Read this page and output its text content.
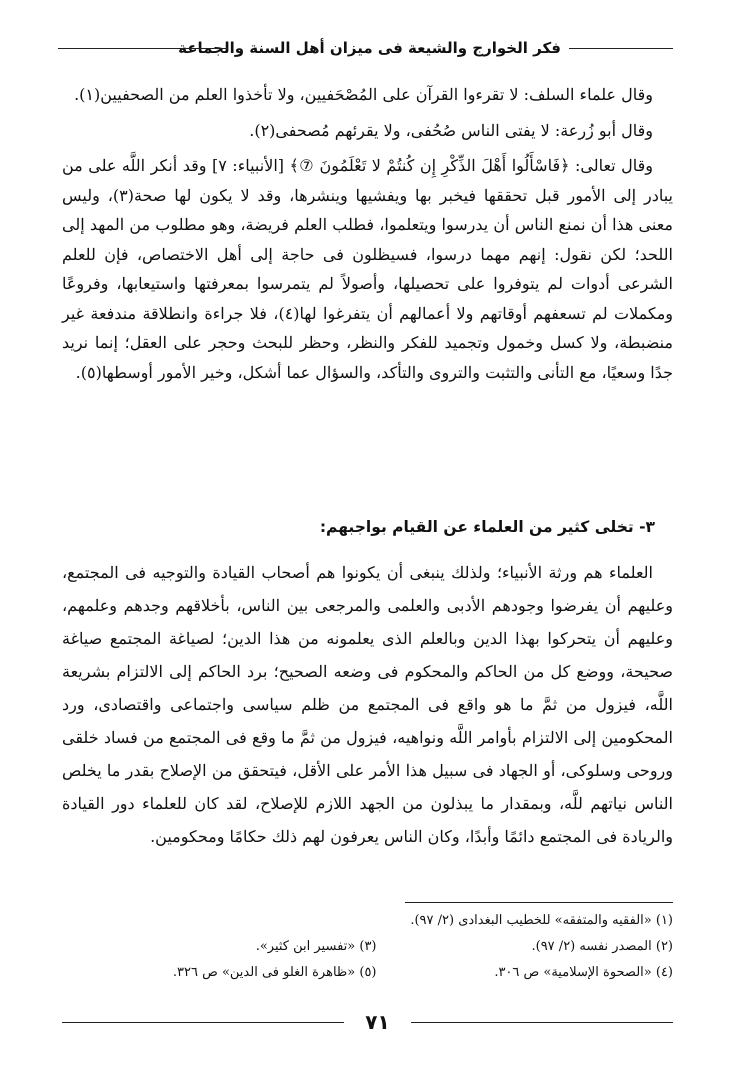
فكر الخوارج والشيعة فى ميزان أهل السنة والجماعة

وقال علماء السلف: لا تقرءوا القرآن على المُصْحَفيين، ولا تأخذوا العلم من الصحفيين(١).

وقال أبو زُرعة: لا يفتى الناس صُحُفى، ولا يقرئهم مُصحفى(٢).

وقال تعالى: ﴿فَاسْأَلُوا أَهْلَ الذِّكْرِ إِن كُنتُمْ لا تَعْلَمُونَ ⑦﴾ [الأنبياء: ٧] وقد أنكر اللَّه على من يبادر إلى الأمور قبل تحققها فيخبر بها ويفشيها وينشرها، وقد لا يكون لها صحة(٣)، وليس معنى هذا أن نمنع الناس أن يدرسوا ويتعلموا، فطلب العلم فريضة، وهو مطلوب من المهد إلى اللحد؛ لكن نقول: إنهم مهما درسوا، فسيظلون فى حاجة إلى أهل الاختصاص، فإن للعلم الشرعى أدوات لم يتوفروا على تحصيلها، وأصولاً لم يتمرسوا بمعرفتها واستيعابها، وفروعًا ومكملات لم تسعفهم أوقاتهم ولا أعمالهم أن يتفرغوا لها(٤)، فلا جراءة وانطلاقة مندفعة غير منضبطة، ولا كسل وخمول وتجميد للفكر والنظر، وحظر للبحث وحجر على العقل؛ إنما نريد جدًا وسعيًا، مع التأنى والتثبت والتروى والتأكد، والسؤال عما أشكل، وخير الأمور أوسطها(٥).

٣- تخلى كثير من العلماء عن القيام بواجبهم:

العلماء هم ورثة الأنبياء؛ ولذلك ينبغى أن يكونوا هم أصحاب القيادة والتوجيه فى المجتمع، وعليهم أن يفرضوا وجودهم الأدبى والعلمى والمرجعى بين الناس، بأخلاقهم وجدهم وعلمهم، وعليهم أن يتحركوا بهذا الدين وبالعلم الذى يعلمونه من هذا الدين؛ لصياغة المجتمع صياغة صحيحة، ووضع كل من الحاكم والمحكوم فى وضعه الصحيح؛ برد الحاكم إلى الالتزام بشريعة اللَّه، فيزول من ثمَّ ما هو واقع فى المجتمع من ظلم سياسى واجتماعى واقتصادى، ورد المحكومين إلى الالتزام بأوامر اللَّه ونواهيه، فيزول من ثمَّ ما وقع فى المجتمع من فساد خلقى وروحى وسلوكى، أو الجهاد فى سبيل هذا الأمر على الأقل، فيتحقق من الإصلاح بقدر ما يخلص الناس نياتهم للَّه، وبمقدار ما يبذلون من الجهد اللازم للإصلاح، لقد كان للعلماء دور القيادة والريادة فى المجتمع دائمًا وأبدًا، وكان الناس يعرفون لهم ذلك حكامًا ومحكومين.

(١) «الفقيه والمتفقه» للخطيب البغدادى (٢/ ٩٧).
(٢) المصدر نفسه (٢/ ٩٧).
(٣) «تفسير ابن كثير».
(٤) «الصحوة الإسلامية» ص ٣٠٦.
(٥) «ظاهرة الغلو فى الدين» ص ٣٢٦.
٧١
